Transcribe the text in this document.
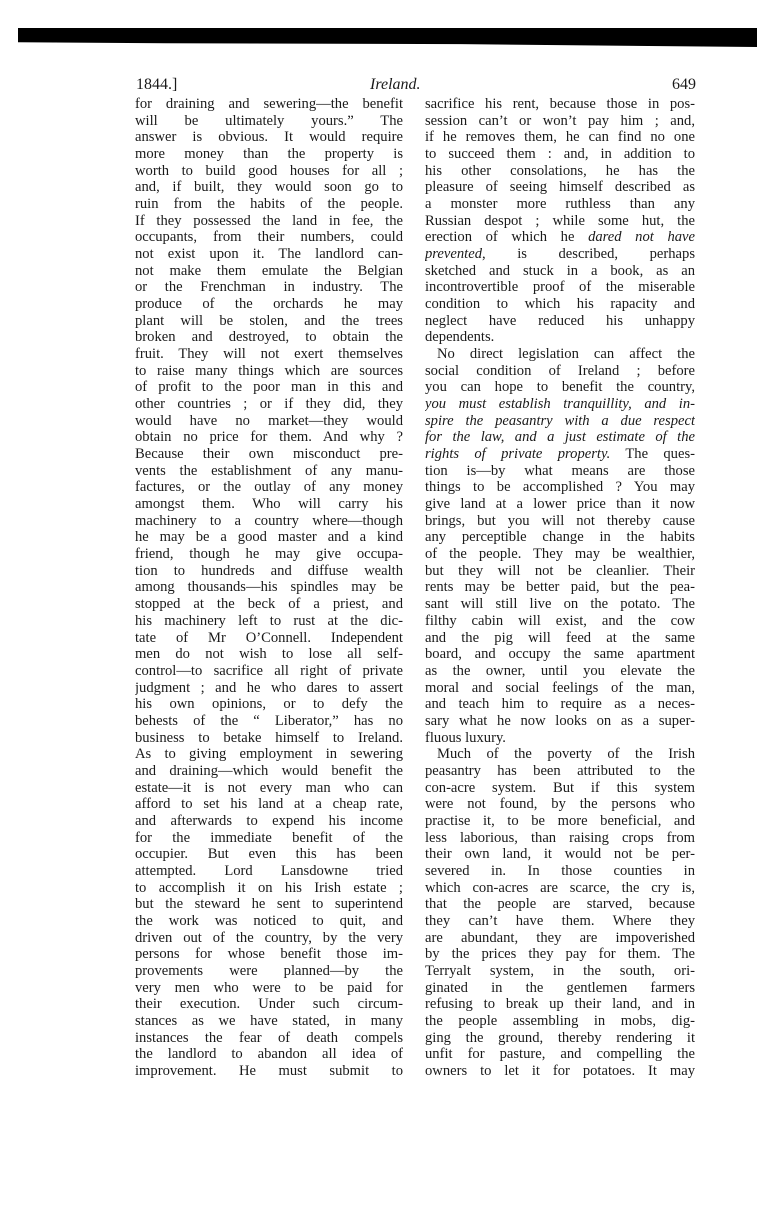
1844.]	Ireland.	649
for draining and sewering—the benefit
will be ultimately yours.” The
answer is obvious. It would require
more money than the property is
worth to build good houses for all ;
and, if built, they would soon go to
ruin from the habits of the people.
If they possessed the land in fee, the
occupants, from their numbers, could
not exist upon it. The landlord can-
not make them emulate the Belgian
or the Frenchman in industry. The
produce of the orchards he may
plant will be stolen, and the trees
broken and destroyed, to obtain the
fruit. They will not exert themselves
to raise many things which are sources
of profit to the poor man in this and
other countries ; or if they did, they
would have no market—they would
obtain no price for them. And why ?
Because their own misconduct pre-
vents the establishment of any manu-
factures, or the outlay of any money
amongst them. Who will carry his
machinery to a country where—though
he may be a good master and a kind
friend, though he may give occupa-
tion to hundreds and diffuse wealth
among thousands—his spindles may be
stopped at the beck of a priest, and
his machinery left to rust at the dic-
tate of Mr O’Connell. Independent
men do not wish to lose all self-
control—to sacrifice all right of private
judgment ; and he who dares to assert
his own opinions, or to defy the
behests of the “ Liberator,” has no
business to betake himself to Ireland.
As to giving employment in sewering
and draining—which would benefit the
estate—it is not every man who can
afford to set his land at a cheap rate,
and afterwards to expend his income
for the immediate benefit of the
occupier. But even this has been
attempted. Lord Lansdowne tried
to accomplish it on his Irish estate ;
but the steward he sent to superintend
the work was noticed to quit, and
driven out of the country, by the very
persons for whose benefit those im-
provements were planned—by the
very men who were to be paid for
their execution. Under such circum-
stances as we have stated, in many
instances the fear of death compels
the landlord to abandon all idea of
improvement. He must submit to
sacrifice his rent, because those in pos-
session can’t or won’t pay him ; and,
if he removes them, he can find no one
to succeed them : and, in addition to
his other consolations, he has the
pleasure of seeing himself described as
a monster more ruthless than any
Russian despot ; while some hut, the
erection of which he dared not have
prevented, is described, perhaps
sketched and stuck in a book, as an
incontrovertible proof of the miserable
condition to which his rapacity and
neglect have reduced his unhappy
dependents.
No direct legislation can affect the
social condition of Ireland ; before
you can hope to benefit the country,
you must establish tranquillity, and in-
spire the peasantry with a due respect
for the law, and a just estimate of the
rights of private property. The ques-
tion is—by what means are those
things to be accomplished ? You may
give land at a lower price than it now
brings, but you will not thereby cause
any perceptible change in the habits
of the people. They may be wealthier,
but they will not be cleanlier. Their
rents may be better paid, but the pea-
sant will still live on the potato. The
filthy cabin will exist, and the cow
and the pig will feed at the same
board, and occupy the same apartment
as the owner, until you elevate the
moral and social feelings of the man,
and teach him to require as a neces-
sary what he now looks on as a super-
fluous luxury.
Much of the poverty of the Irish
peasantry has been attributed to the
con-acre system. But if this system
were not found, by the persons who
practise it, to be more beneficial, and
less laborious, than raising crops from
their own land, it would not be per-
severed in. In those counties in
which con-acres are scarce, the cry is,
that the people are starved, because
they can’t have them. Where they
are abundant, they are impoverished
by the prices they pay for them. The
Terryalt system, in the south, ori-
ginated in the gentlemen farmers
refusing to break up their land, and in
the people assembling in mobs, dig-
ging the ground, thereby rendering it
unfit for pasture, and compelling the
owners to let it for potatoes. It may
